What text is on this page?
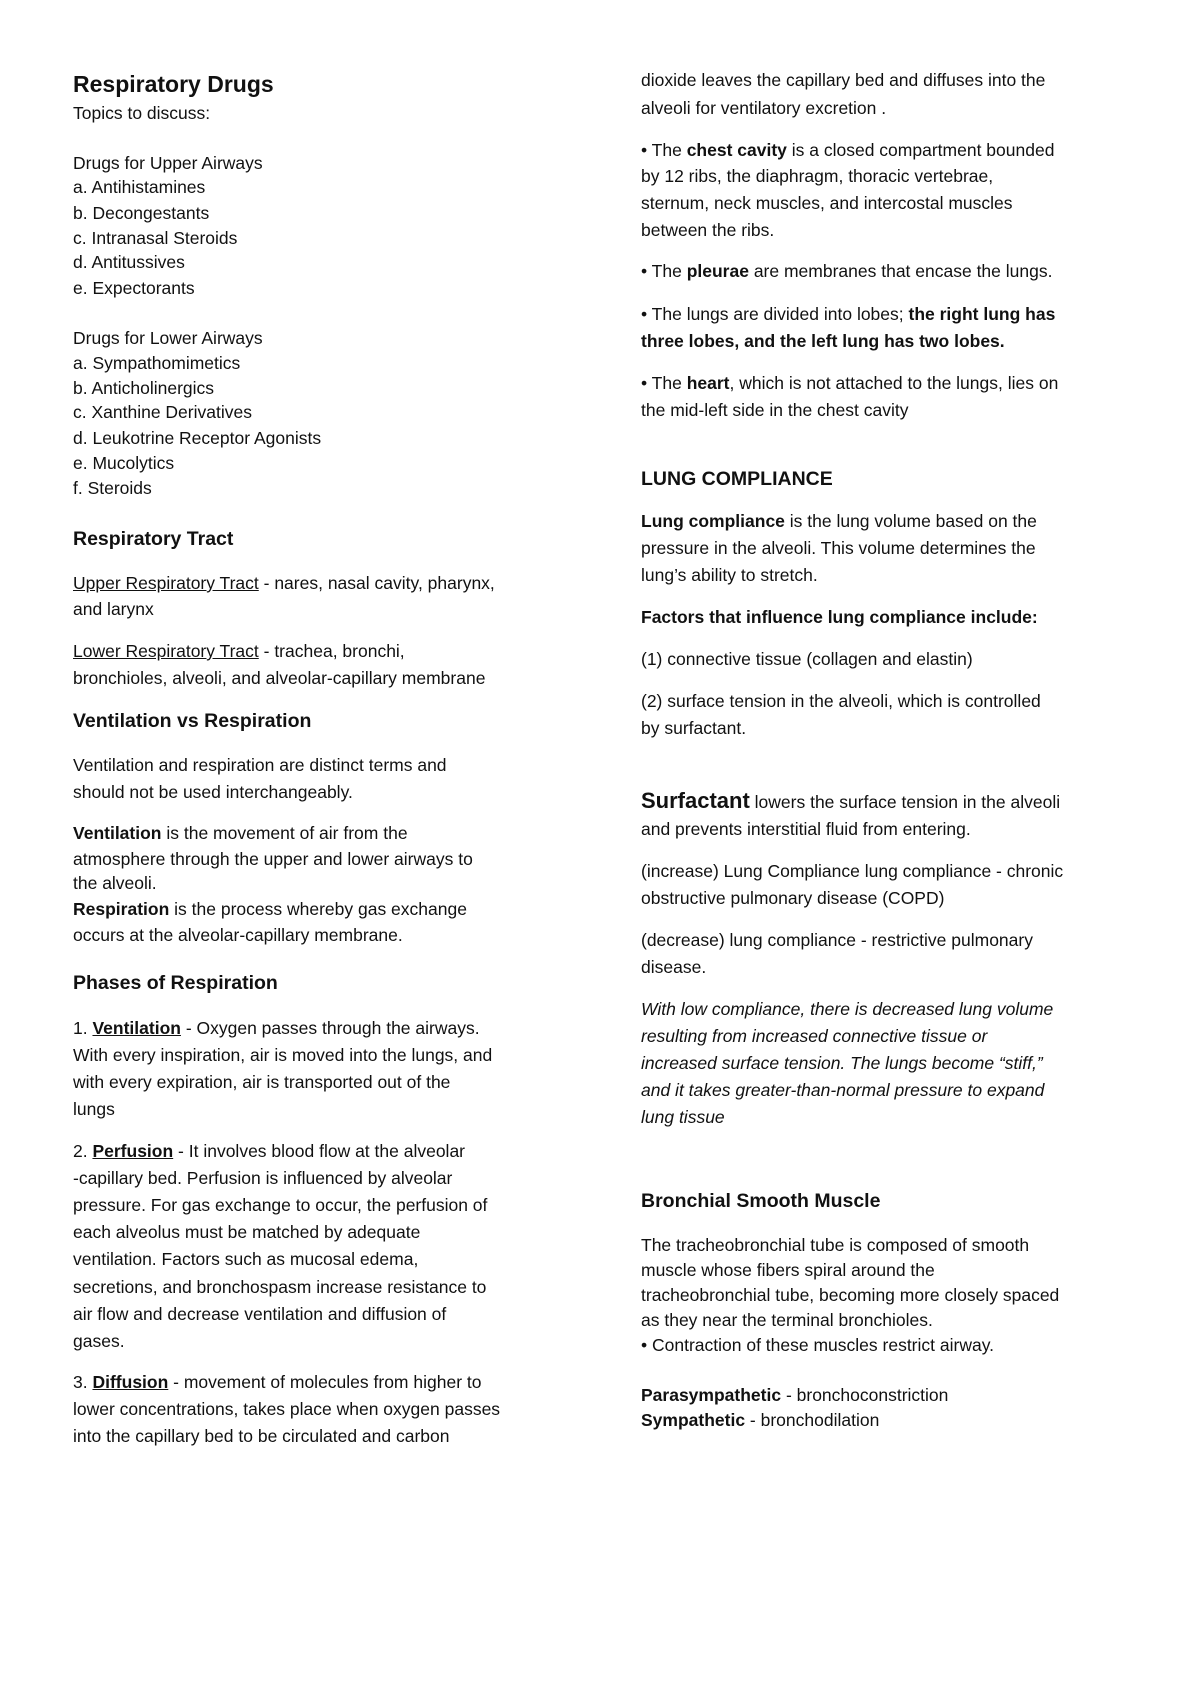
Respiratory Drugs
Topics to discuss:
Drugs for Upper Airways
a. Antihistamines
b. Decongestants
c. Intranasal Steroids
d. Antitussives
e. Expectorants
Drugs for Lower Airways
a. Sympathomimetics
b. Anticholinergics
c. Xanthine Derivatives
d. Leukotrine Receptor Agonists
e. Mucolytics
f. Steroids
Respiratory Tract
Upper Respiratory Tract - nares, nasal cavity, pharynx,
and larynx
Lower Respiratory Tract - trachea, bronchi,
bronchioles, alveoli, and alveolar-capillary membrane
Ventilation vs Respiration
Ventilation and respiration are distinct terms and
should not be used interchangeably.
Ventilation is the movement of air from the
atmosphere through the upper and lower airways to
the alveoli.
Respiration is the process whereby gas exchange
occurs at the alveolar-capillary membrane.
Phases of Respiration
1. Ventilation - Oxygen passes through the airways.
With every inspiration, air is moved into the lungs, and
with every expiration, air is transported out of the
lungs
2. Perfusion - It involves blood flow at the alveolar
-capillary bed. Perfusion is influenced by alveolar
pressure. For gas exchange to occur, the perfusion of
each alveolus must be matched by adequate
ventilation. Factors such as mucosal edema,
secretions, and bronchospasm increase resistance to
air flow and decrease ventilation and diffusion of
gases.
3. Diffusion - movement of molecules from higher to
lower concentrations, takes place when oxygen passes
into the capillary bed to be circulated and carbon
dioxide leaves the capillary bed and diffuses into the
alveoli for ventilatory excretion .
• The chest cavity is a closed compartment bounded
by 12 ribs, the diaphragm, thoracic vertebrae,
sternum, neck muscles, and intercostal muscles
between the ribs.
• The pleurae are membranes that encase the lungs.
• The lungs are divided into lobes; the right lung has
three lobes, and the left lung has two lobes.
• The heart, which is not attached to the lungs, lies on
the mid-left side in the chest cavity
LUNG COMPLIANCE
Lung compliance is the lung volume based on the
pressure in the alveoli. This volume determines the
lung’s ability to stretch.
Factors that influence lung compliance include:
(1) connective tissue (collagen and elastin)
(2) surface tension in the alveoli, which is controlled
by surfactant.
Surfactant lowers the surface tension in the alveoli
and prevents interstitial fluid from entering.
(increase) Lung Compliance lung compliance - chronic
obstructive pulmonary disease (COPD)
(decrease) lung compliance - restrictive pulmonary
disease.
With low compliance, there is decreased lung volume
resulting from increased connective tissue or
increased surface tension. The lungs become “stiff,”
and it takes greater-than-normal pressure to expand
lung tissue
Bronchial Smooth Muscle
The tracheobronchial tube is composed of smooth
muscle whose fibers spiral around the
tracheobronchial tube, becoming more closely spaced
as they near the terminal bronchioles.
• Contraction of these muscles restrict airway.
Parasympathetic - bronchoconstriction
Sympathetic - bronchodilation
